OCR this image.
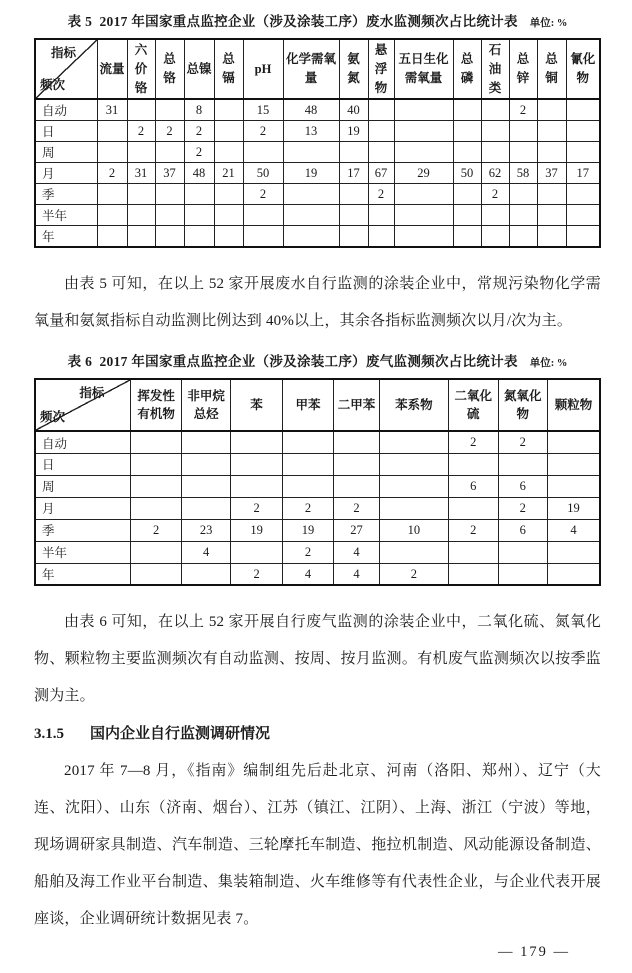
表 5  2017 年国家重点监控企业（涉及涂装工序）废水监测频次占比统计表 单位: %
指标
频次	流量	六价铬	总铬	总镍	总镉	pH	化学需氧量	氨氮	悬浮物	五日生化需氧量	总磷	石油类	总锌	总铜	氰化物
自动	31			8		15	48	40					2		
日		2	2	2		2	13	19							
周				2											
月	2	31	37	48	21	50	19	17	67	29	50	62	58	37	17
季						2			2			2			
半年															
年															

由表 5 可知，在以上 52 家开展废水自行监测的涂装企业中，常规污染物化学需氧量和氨氮指标自动监测比例达到 40%以上，其余各指标监测频次以月/次为主。

表 6  2017 年国家重点监控企业（涉及涂装工序）废气监测频次占比统计表 单位: %
指标
频次	挥发性有机物	非甲烷总烃	苯	甲苯	二甲苯	苯系物	二氧化硫	氮氧化物	颗粒物
自动							2	2	
日									
周							6	6	
月			2	2	2			2	19
季	2	23	19	19	27	10	2	6	4
半年		4		2	4				
年			2	4	4	2			

由表 6 可知，在以上 52 家开展自行废气监测的涂装企业中，二氧化硫、氮氧化物、颗粒物主要监测频次有自动监测、按周、按月监测。有机废气监测频次以按季监测为主。

3.1.5 国内企业自行监测调研情况

2017 年 7—8 月，《指南》编制组先后赴北京、河南（洛阳、郑州）、辽宁（大连、沈阳）、山东（济南、烟台）、江苏（镇江、江阴）、上海、浙江（宁波）等地，现场调研家具制造、汽车制造、三轮摩托车制造、拖拉机制造、风动能源设备制造、船舶及海工作业平台制造、集装箱制造、火车维修等有代表性企业，与企业代表开展座谈，企业调研统计数据见表 7。

— 179 —
